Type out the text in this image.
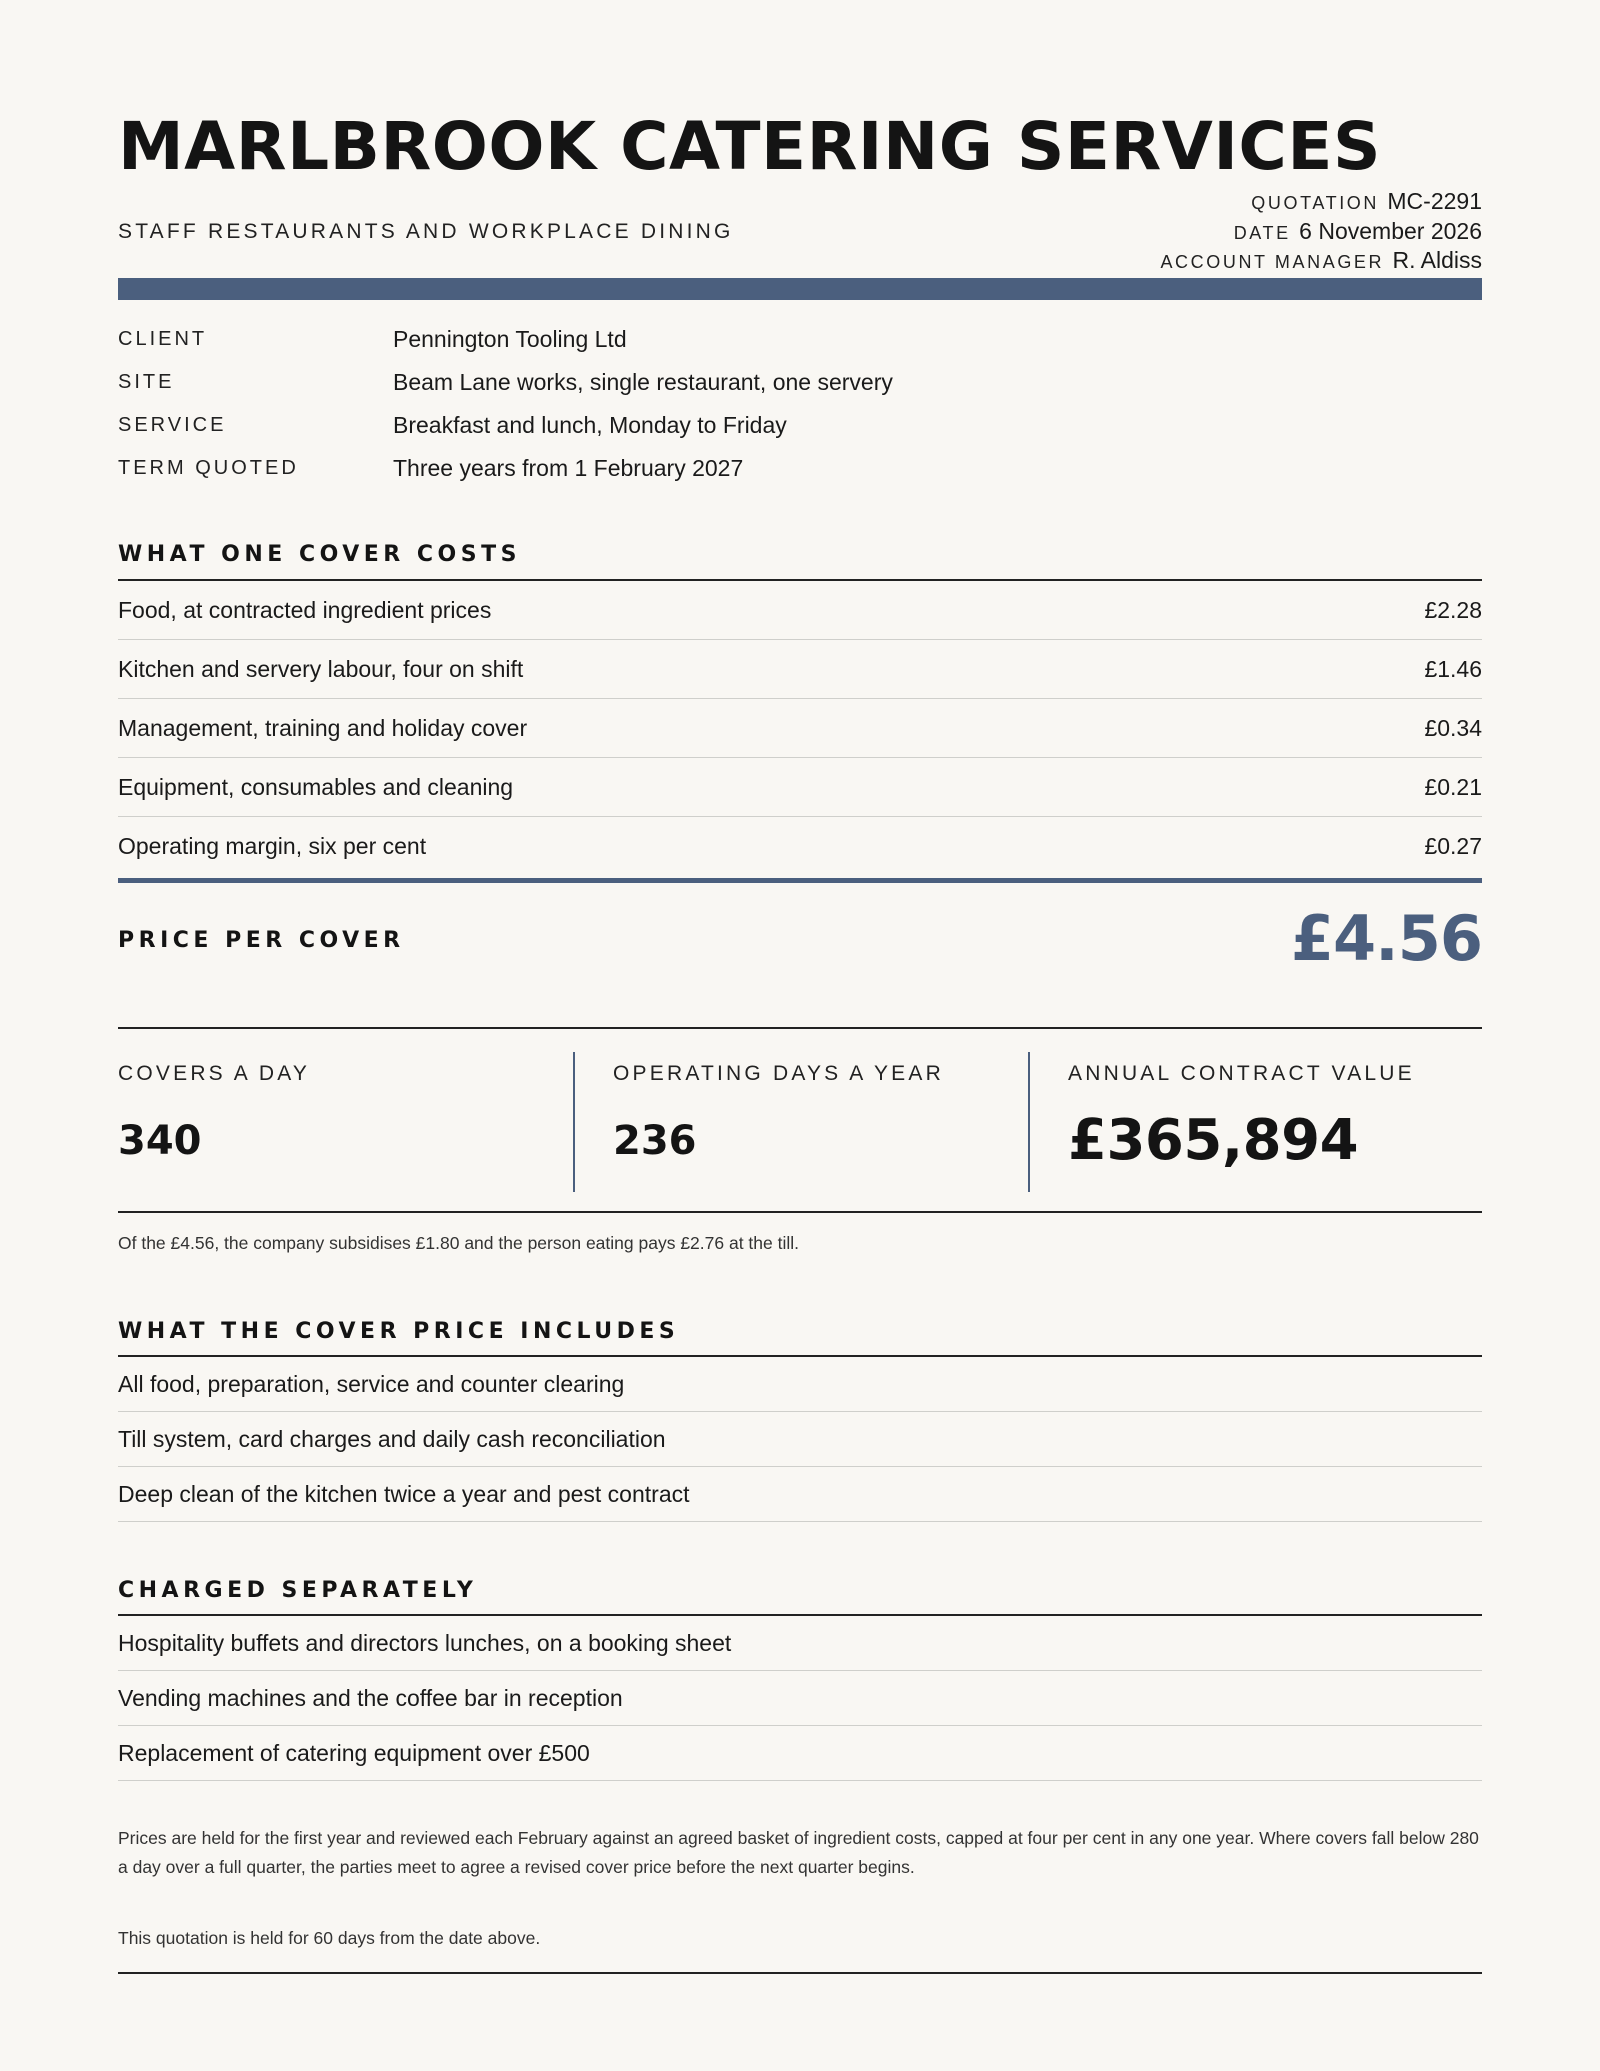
MARLBROOK CATERING SERVICES
STAFF RESTAURANTS AND WORKPLACE DINING
QUOTATION MC-2291
DATE 6 November 2026
ACCOUNT MANAGER R. Aldiss
CLIENT	Pennington Tooling Ltd
SITE	Beam Lane works, single restaurant, one servery
SERVICE	Breakfast and lunch, Monday to Friday
TERM QUOTED	Three years from 1 February 2027
WHAT ONE COVER COSTS
Food, at contracted ingredient prices	£2.28
Kitchen and servery labour, four on shift	£1.46
Management, training and holiday cover	£0.34
Equipment, consumables and cleaning	£0.21
Operating margin, six per cent	£0.27
PRICE PER COVER	£4.56
COVERS A DAY
340
OPERATING DAYS A YEAR
236
ANNUAL CONTRACT VALUE
£365,894
Of the £4.56, the company subsidises £1.80 and the person eating pays £2.76 at the till.
WHAT THE COVER PRICE INCLUDES
All food, preparation, service and counter clearing
Till system, card charges and daily cash reconciliation
Deep clean of the kitchen twice a year and pest contract
CHARGED SEPARATELY
Hospitality buffets and directors lunches, on a booking sheet
Vending machines and the coffee bar in reception
Replacement of catering equipment over £500
Prices are held for the first year and reviewed each February against an agreed basket of ingredient costs, capped at four per cent in any one year. Where covers fall below 280 a day over a full quarter, the parties meet to agree a revised cover price before the next quarter begins.
This quotation is held for 60 days from the date above.
